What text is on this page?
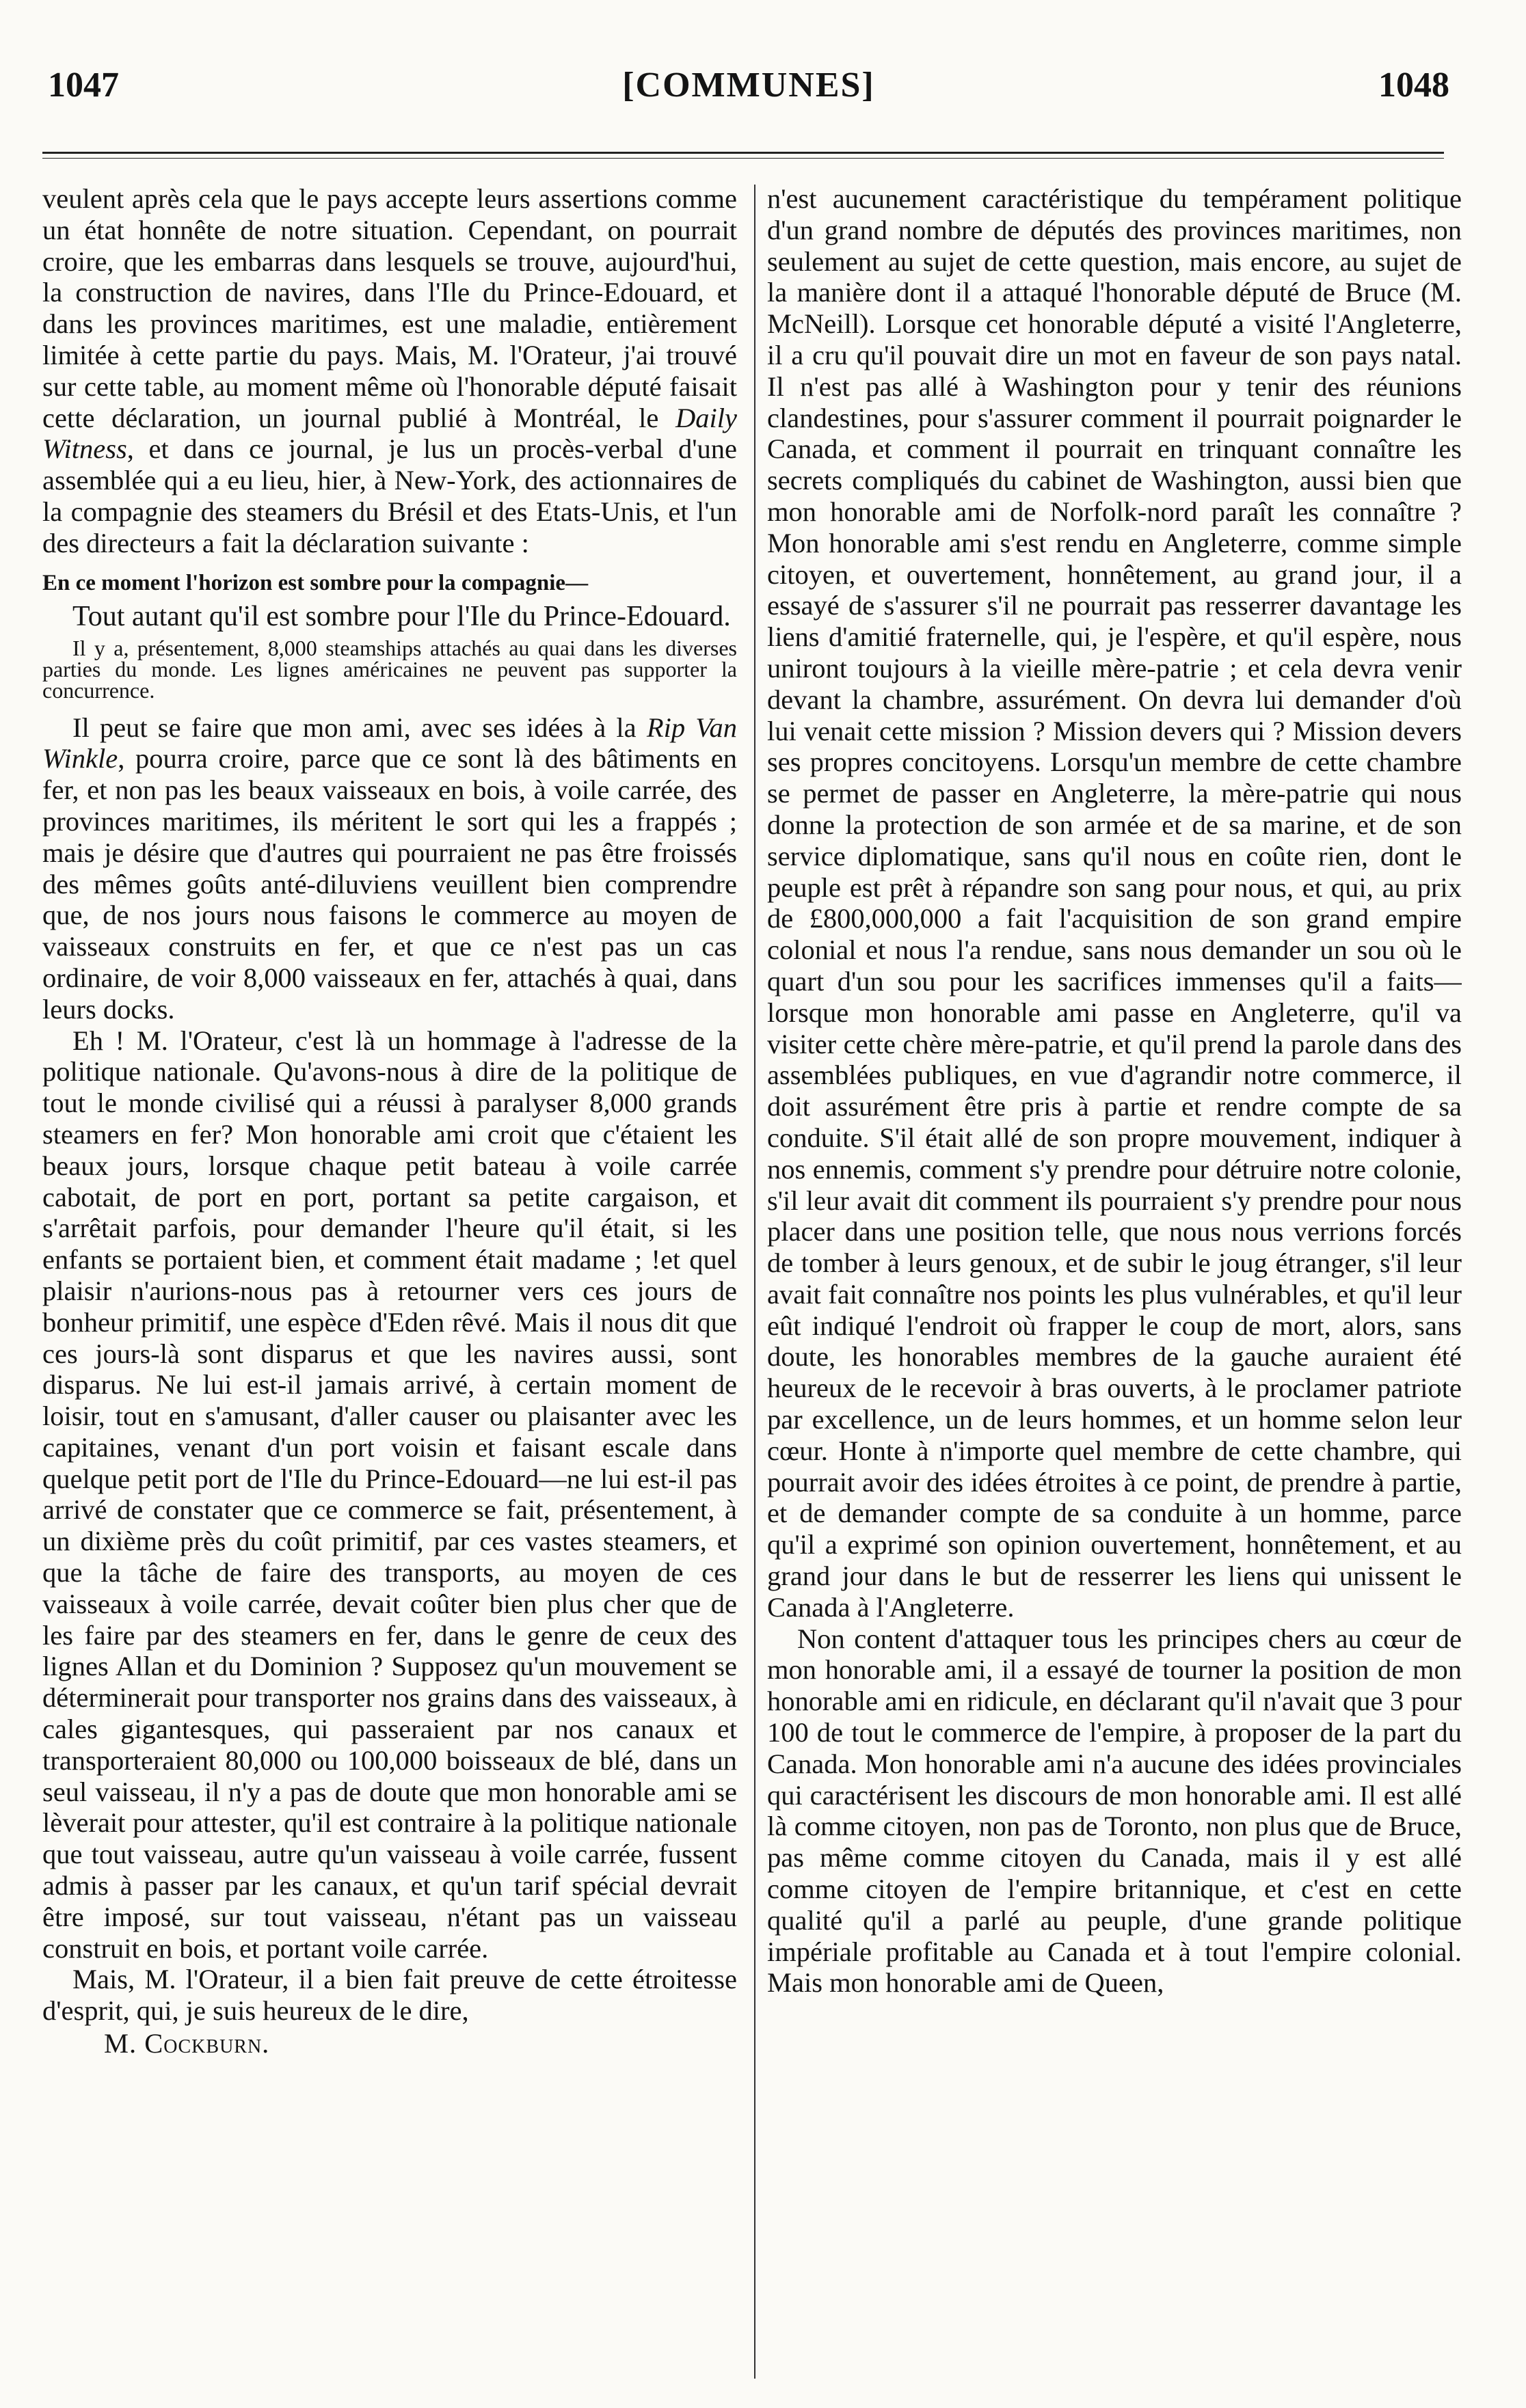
1047	[COMMUNES]	1048

veulent après cela que le pays accepte leurs assertions comme un état honnête de notre situation. Cependant, on pourrait croire, que les embarras dans lesquels se trouve, aujourd'hui, la construction de navires, dans l'Ile du Prince-Edouard, et dans les provinces maritimes, est une maladie, entièrement limitée à cette partie du pays. Mais, M. l'Orateur, j'ai trouvé sur cette table, au moment même où l'honorable député faisait cette déclaration, un journal publié à Montréal, le Daily Witness, et dans ce journal, je lus un procès-verbal d'une assemblée qui a eu lieu, hier, à New-York, des actionnaires de la compagnie des steamers du Brésil et des Etats-Unis, et l'un des directeurs a fait la déclaration suivante :

En ce moment l'horizon est sombre pour la compagnie—

Tout autant qu'il est sombre pour l'Ile du Prince-Edouard.

Il y a, présentement, 8,000 steamships attachés au quai dans les diverses parties du monde. Les lignes américaines ne peuvent pas supporter la concurrence.

Il peut se faire que mon ami, avec ses idées à la Rip Van Winkle, pourra croire, parce que ce sont là des bâtiments en fer, et non pas les beaux vaisseaux en bois, à voile carrée, des provinces maritimes, ils méritent le sort qui les a frappés ; mais je désire que d'autres qui pourraient ne pas être froissés des mêmes goûts anté-diluviens veuillent bien comprendre que, de nos jours nous faisons le commerce au moyen de vaisseaux construits en fer, et que ce n'est pas un cas ordinaire, de voir 8,000 vaisseaux en fer, attachés à quai, dans leurs docks.

Eh ! M. l'Orateur, c'est là un hommage à l'adresse de la politique nationale. Qu'avons-nous à dire de la politique de tout le monde civilisé qui a réussi à paralyser 8,000 grands steamers en fer? Mon honorable ami croit que c'étaient les beaux jours, lorsque chaque petit bateau à voile carrée cabotait, de port en port, portant sa petite cargaison, et s'arrêtait parfois, pour demander l'heure qu'il était, si les enfants se portaient bien, et comment était madame ; !et quel plaisir n'aurions-nous pas à retourner vers ces jours de bonheur primitif, une espèce d'Eden rêvé. Mais il nous dit que ces jours-là sont disparus et que les navires aussi, sont disparus. Ne lui est-il jamais arrivé, à certain moment de loisir, tout en s'amusant, d'aller causer ou plaisanter avec les capitaines, venant d'un port voisin et faisant escale dans quelque petit port de l'Ile du Prince-Edouard—ne lui est-il pas arrivé de constater que ce commerce se fait, présentement, à un dixième près du coût primitif, par ces vastes steamers, et que la tâche de faire des transports, au moyen de ces vaisseaux à voile carrée, devait coûter bien plus cher que de les faire par des steamers en fer, dans le genre de ceux des lignes Allan et du Dominion ? Supposez qu'un mouvement se déterminerait pour transporter nos grains dans des vaisseaux, à cales gigantesques, qui passeraient par nos canaux et transporteraient 80,000 ou 100,000 boisseaux de blé, dans un seul vaisseau, il n'y a pas de doute que mon honorable ami se lèverait pour attester, qu'il est contraire à la politique nationale que tout vaisseau, autre qu'un vaisseau à voile carrée, fussent admis à passer par les canaux, et qu'un tarif spécial devrait être imposé, sur tout vaisseau, n'étant pas un vaisseau construit en bois, et portant voile carrée.

Mais, M. l'Orateur, il a bien fait preuve de cette étroitesse d'esprit, qui, je suis heureux de le dire,

M. Cockburn.

n'est aucunement caractéristique du tempérament politique d'un grand nombre de députés des provinces maritimes, non seulement au sujet de cette question, mais encore, au sujet de la manière dont il a attaqué l'honorable député de Bruce (M. McNeill). Lorsque cet honorable député a visité l'Angleterre, il a cru qu'il pouvait dire un mot en faveur de son pays natal. Il n'est pas allé à Washington pour y tenir des réunions clandestines, pour s'assurer comment il pourrait poignarder le Canada, et comment il pourrait en trinquant connaître les secrets compliqués du cabinet de Washington, aussi bien que mon honorable ami de Norfolk-nord paraît les connaître ? Mon honorable ami s'est rendu en Angleterre, comme simple citoyen, et ouvertement, honnêtement, au grand jour, il a essayé de s'assurer s'il ne pourrait pas resserrer davantage les liens d'amitié fraternelle, qui, je l'espère, et qu'il espère, nous uniront toujours à la vieille mère-patrie ; et cela devra venir devant la chambre, assurément. On devra lui demander d'où lui venait cette mission ? Mission devers qui ? Mission devers ses propres concitoyens. Lorsqu'un membre de cette chambre se permet de passer en Angleterre, la mère-patrie qui nous donne la protection de son armée et de sa marine, et de son service diplomatique, sans qu'il nous en coûte rien, dont le peuple est prêt à répandre son sang pour nous, et qui, au prix de £800,000,000 a fait l'acquisition de son grand empire colonial et nous l'a rendue, sans nous demander un sou où le quart d'un sou pour les sacrifices immenses qu'il a faits—lorsque mon honorable ami passe en Angleterre, qu'il va visiter cette chère mère-patrie, et qu'il prend la parole dans des assemblées publiques, en vue d'agrandir notre commerce, il doit assurément être pris à partie et rendre compte de sa conduite. S'il était allé de son propre mouvement, indiquer à nos ennemis, comment s'y prendre pour détruire notre colonie, s'il leur avait dit comment ils pourraient s'y prendre pour nous placer dans une position telle, que nous nous verrions forcés de tomber à leurs genoux, et de subir le joug étranger, s'il leur avait fait connaître nos points les plus vulnérables, et qu'il leur eût indiqué l'endroit où frapper le coup de mort, alors, sans doute, les honorables membres de la gauche auraient été heureux de le recevoir à bras ouverts, à le proclamer patriote par excellence, un de leurs hommes, et un homme selon leur cœur. Honte à n'importe quel membre de cette chambre, qui pourrait avoir des idées étroites à ce point, de prendre à partie, et de demander compte de sa conduite à un homme, parce qu'il a exprimé son opinion ouvertement, honnêtement, et au grand jour dans le but de resserrer les liens qui unissent le Canada à l'Angleterre.

Non content d'attaquer tous les principes chers au cœur de mon honorable ami, il a essayé de tourner la position de mon honorable ami en ridicule, en déclarant qu'il n'avait que 3 pour 100 de tout le commerce de l'empire, à proposer de la part du Canada. Mon honorable ami n'a aucune des idées provinciales qui caractérisent les discours de mon honorable ami. Il est allé là comme citoyen, non pas de Toronto, non plus que de Bruce, pas même comme citoyen du Canada, mais il y est allé comme citoyen de l'empire britannique, et c'est en cette qualité qu'il a parlé au peuple, d'une grande politique impériale profitable au Canada et à tout l'empire colonial. Mais mon honorable ami de Queen,
